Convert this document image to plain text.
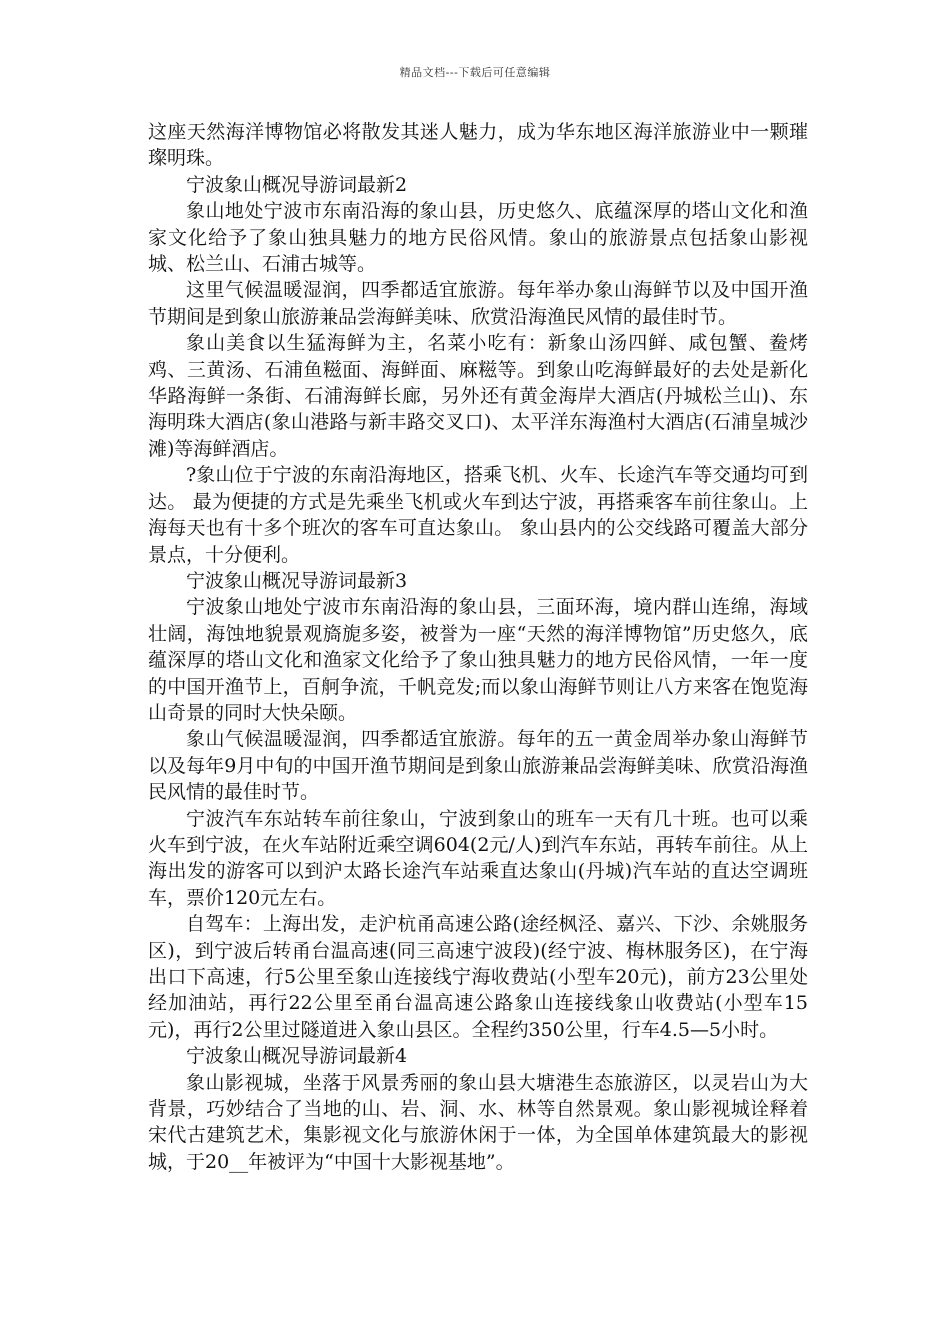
精品文档---下载后可任意编辑

这座天然海洋博物馆必将散发其迷人魅力，成为华东地区海洋旅游业中一颗璀璨明珠。

宁波象山概况导游词最新2

象山地处宁波市东南沿海的象山县，历史悠久、底蕴深厚的塔山文化和渔家文化给予了象山独具魅力的地方民俗风情。象山的旅游景点包括象山影视城、松兰山、石浦古城等。

这里气候温暖湿润，四季都适宜旅游。每年举办象山海鲜节以及中国开渔节期间是到象山旅游兼品尝海鲜美味、欣赏沿海渔民风情的最佳时节。

象山美食以生猛海鲜为主，名菜小吃有：新象山汤四鲜、咸包蟹、鲞烤鸡、三黄汤、石浦鱼糍面、海鲜面、麻糍等。到象山吃海鲜最好的去处是新化华路海鲜一条街、石浦海鲜长廊，另外还有黄金海岸大酒店(丹城松兰山)、东海明珠大酒店(象山港路与新丰路交叉口)、太平洋东海渔村大酒店(石浦皇城沙滩)等海鲜酒店。

?象山位于宁波的东南沿海地区，搭乘飞机、火车、长途汽车等交通均可到达。 最为便捷的方式是先乘坐飞机或火车到达宁波，再搭乘客车前往象山。上海每天也有十多个班次的客车可直达象山。 象山县内的公交线路可覆盖大部分景点，十分便利。

宁波象山概况导游词最新3

宁波象山地处宁波市东南沿海的象山县，三面环海，境内群山连绵，海域壮阔，海蚀地貌景观旖旎多姿，被誉为一座“天然的海洋博物馆”历史悠久，底蕴深厚的塔山文化和渔家文化给予了象山独具魅力的地方民俗风情，一年一度的中国开渔节上，百舸争流，千帆竞发;而以象山海鲜节则让八方来客在饱览海山奇景的同时大快朵颐。

象山气候温暖湿润，四季都适宜旅游。每年的五一黄金周举办象山海鲜节以及每年9月中旬的中国开渔节期间是到象山旅游兼品尝海鲜美味、欣赏沿海渔民风情的最佳时节。

宁波汽车东站转车前往象山，宁波到象山的班车一天有几十班。也可以乘火车到宁波，在火车站附近乘空调604(2元/人)到汽车东站，再转车前往。从上海出发的游客可以到沪太路长途汽车站乘直达象山(丹城)汽车站的直达空调班车，票价120元左右。

自驾车：上海出发，走沪杭甬高速公路(途经枫泾、嘉兴、下沙、余姚服务区)，到宁波后转甬台温高速(同三高速宁波段)(经宁波、梅林服务区)，在宁海出口下高速，行5公里至象山连接线宁海收费站(小型车20元)，前方23公里处经加油站，再行22公里至甬台温高速公路象山连接线象山收费站(小型车15元)，再行2公里过隧道进入象山县区。全程约350公里，行车4.5—5小时。

宁波象山概况导游词最新4

象山影视城，坐落于风景秀丽的象山县大塘港生态旅游区，以灵岩山为大背景，巧妙结合了当地的山、岩、洞、水、林等自然景观。象山影视城诠释着宋代古建筑艺术，集影视文化与旅游休闲于一体，为全国单体建筑最大的影视城，于20__年被评为“中国十大影视基地”。
